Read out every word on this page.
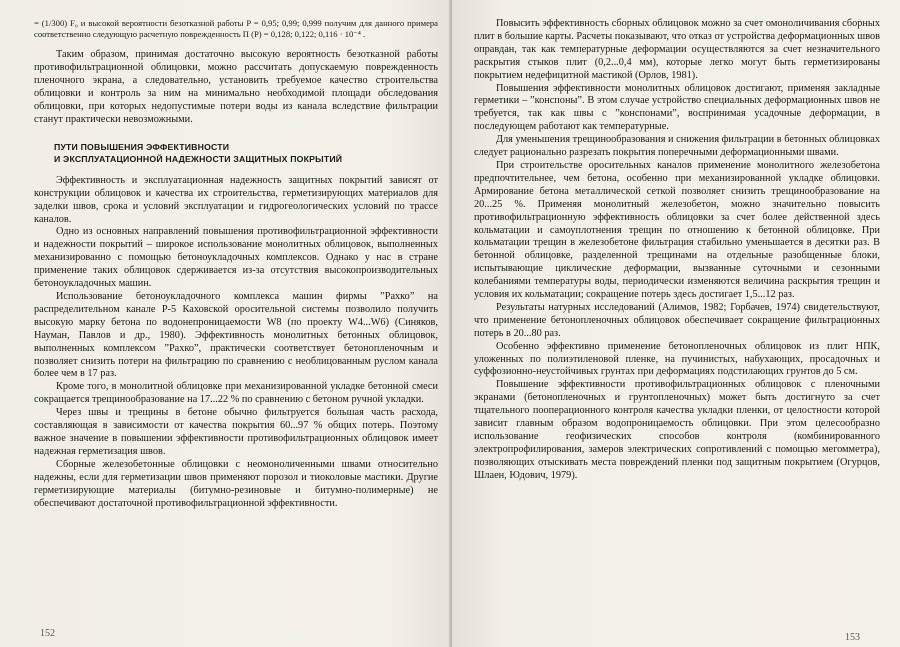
= (1/300) F₀ и высокой вероятности безотказной работы P = 0,95; 0,99; 0,999 получим для данного примера соответственно следующую расчетную поврежденность П (P) = 0,128; 0,122; 0,116 · 10⁻⁴ .

Таким образом, принимая достаточно высокую вероятность безотказной работы противофильтрационной облицовки, можно рассчитать допускаемую поврежденность пленочного экрана, а следовательно, установить требуемое качество строительства облицовки и контроль за ним на минимально необходимой площади обследования облицовки, при которых недопустимые потери воды из канала вследствие фильтрации станут практически невозможными.

ПУТИ ПОВЫШЕНИЯ ЭФФЕКТИВНОСТИ
И ЭКСПЛУАТАЦИОННОЙ НАДЕЖНОСТИ ЗАЩИТНЫХ ПОКРЫТИЙ

Эффективность и эксплуатационная надежность защитных покрытий зависят от конструкции облицовок и качества их строительства, герметизирующих материалов для заделки швов, срока и условий эксплуатации и гидрогеологических условий по трассе каналов.

Одно из основных направлений повышения противофильтрационной эффективности и надежности покрытий – широкое использование монолитных облицовок, выполненных механизированно с помощью бетоноукладочных комплексов. Однако у нас в стране применение таких облицовок сдерживается из-за отсутствия высокопроизводительных бетоноукладочных машин.

Использование бетоноукладочного комплекса машин фирмы ”Рахко” на распределительном канале Р-5 Каховской оросительной системы позволило получить высокую марку бетона по водонепроницаемости W8 (по проекту W4...W6) (Синяков, Науман, Павлов и др., 1980). Эффективность монолитных бетонных облицовок, выполненных комплексом ”Рахко”, практически соответствует бетонопленочным и позволяет снизить потери на фильтрацию по сравнению с необлицованным руслом канала более чем в 17 раз.

Кроме того, в монолитной облицовке при механизированной укладке бетонной смеси сокращается трещинообразование на 17...22 % по сравнению с бетоном ручной укладки.

Через швы и трещины в бетоне обычно фильтруется большая часть расхода, составляющая в зависимости от качества покрытия 60...97 % общих потерь. Поэтому важное значение в повышении эффективности противофильтрационных облицовок имеет надежная герметизация швов.

Сборные железобетонные облицовки с неомоноличенными швами относительно надежны, если для герметизации швов применяют порозол и тиоколовые мастики. Другие герметизирующие материалы (битумно-резиновые и битумно-полимерные) не обеспечивают достаточной противофильтрационной эффективности.

152

Повысить эффективность сборных облицовок можно за счет омоноличивания сборных плит в большие карты. Расчеты показывают, что отказ от устройства деформационных швов оправдан, так как температурные деформации осуществляются за счет незначительного раскрытия стыков плит (0,2...0,4 мм), которые легко могут быть герметизированы покрытием недефицитной мастикой (Орлов, 1981).

Повышения эффективности монолитных облицовок достигают, применяя закладные герметики – ”конспоны”. В этом случае устройство специальных деформационных швов не требуется, так как швы с ”конспонами”, воспринимая усадочные деформации, в последующем работают как температурные.

Для уменьшения трещинообразования и снижения фильтрации в бетонных облицовках следует рационально разрезать покрытия поперечными деформационными швами.

При строительстве оросительных каналов применение монолитного железобетона предпочтительнее, чем бетона, особенно при механизированной укладке облицовки. Армирование бетона металлической сеткой позволяет снизить трещинообразование на 20...25 %. Применяя монолитный железобетон, можно значительно повысить противофильтрационную эффективность облицовки за счет более действенной здесь кольматации и самоуплотнения трещин по отношению к бетонной облицовке. При кольматации трещин в железобетоне фильтрация стабильно уменьшается в десятки раз. В бетонной облицовке, разделенной трещинами на отдельные разобщенные блоки, испытывающие циклические деформации, вызванные суточными и сезонными колебаниями температуры воды, периодически изменяются величина раскрытия трещин и условия их кольматации; сокращение потерь здесь достигает 1,5...12 раз.

Результаты натурных исследований (Алимов, 1982; Горбачев, 1974) свидетельствуют, что применение бетонопленочных облицовок обеспечивает сокращение фильтрационных потерь в 20...80 раз.

Особенно эффективно применение бетонопленочных облицовок из плит НПК, уложенных по полиэтиленовой пленке, на пучинистых, набухающих, просадочных и суффозионно-неустойчивых грунтах при деформациях подстилающих грунтов до 5 см.

Повышение эффективности противофильтрационных облицовок с пленочными экранами (бетонопленочных и грунтопленочных) может быть достигнуто за счет тщательного пооперационного контроля качества укладки пленки, от целостности которой зависит главным образом водопроницаемость облицовки. При этом целесообразно использование геофизических способов контроля (комбинированного электропрофилирования, замеров электрических сопротивлений с помощью мегомметра), позволяющих отыскивать места повреждений пленки под защитным покрытием (Огурцов, Шлаен, Юдович, 1979).

153
